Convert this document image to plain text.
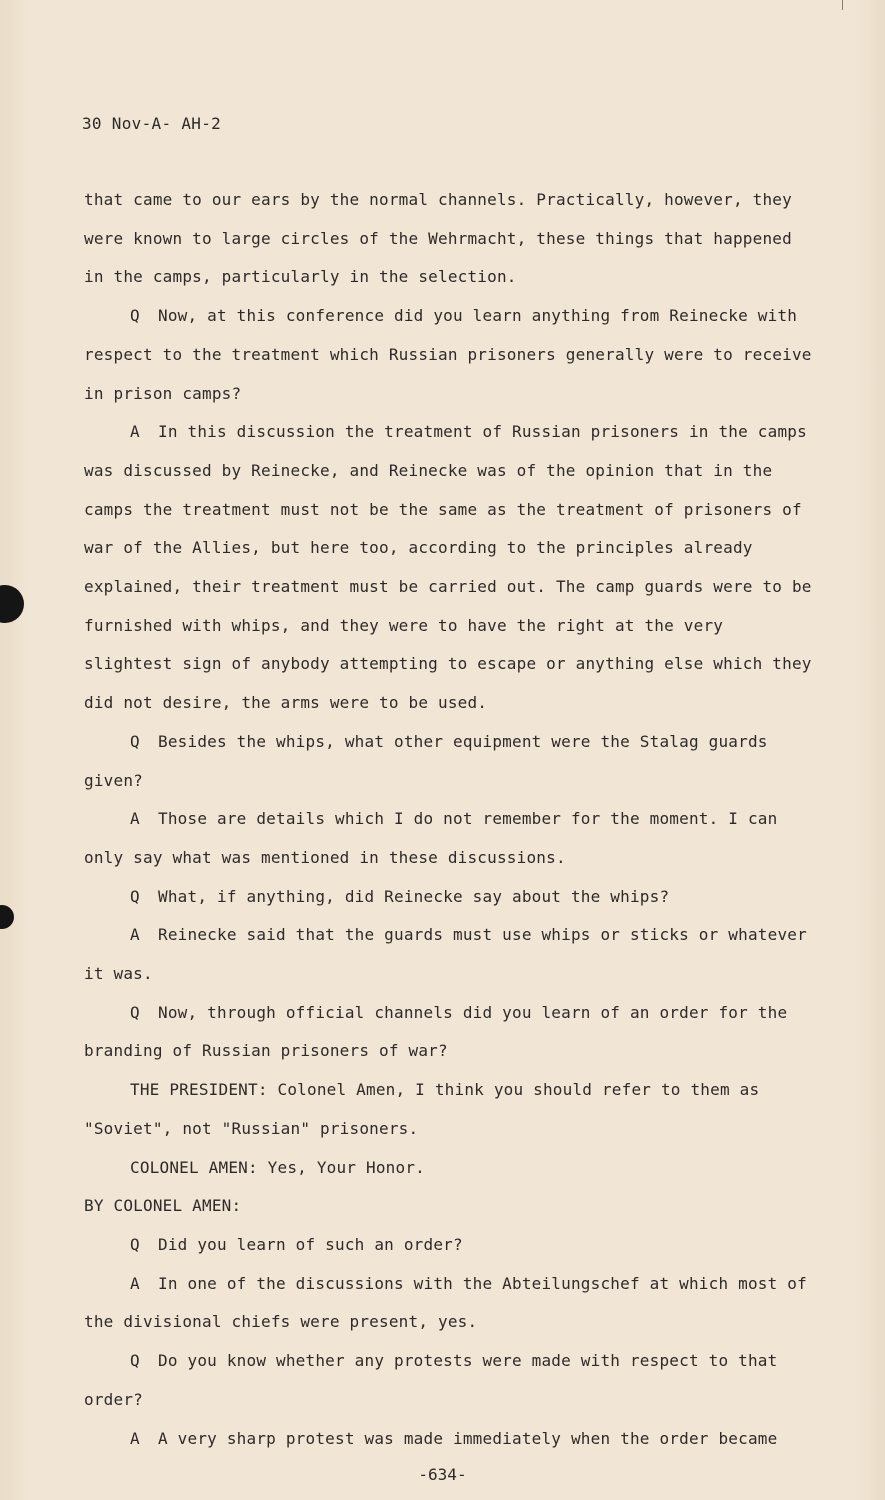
30 Nov-A- AH-2

that came to our ears by the normal channels. Practically, however, they were known to large circles of the Wehrmacht, these things that happened in the camps, particularly in the selection.

Q Now, at this conference did you learn anything from Reinecke with respect to the treatment which Russian prisoners generally were to receive in prison camps?

A In this discussion the treatment of Russian prisoners in the camps was discussed by Reinecke, and Reinecke was of the opinion that in the camps the treatment must not be the same as the treatment of prisoners of war of the Allies, but here too, according to the principles already explained, their treatment must be carried out. The camp guards were to be furnished with whips, and they were to have the right at the very slightest sign of anybody attempting to escape or anything else which they did not desire, the arms were to be used.

Q Besides the whips, what other equipment were the Stalag guards given?

A Those are details which I do not remember for the moment. I can only say what was mentioned in these discussions.

Q What, if anything, did Reinecke say about the whips?

A Reinecke said that the guards must use whips or sticks or whatever it was.

Q Now, through official channels did you learn of an order for the branding of Russian prisoners of war?

THE PRESIDENT: Colonel Amen, I think you should refer to them as "Soviet", not "Russian" prisoners.

COLONEL AMEN: Yes, Your Honor.

BY COLONEL AMEN:

Q Did you learn of such an order?

A In one of the discussions with the Abteilungschef at which most of the divisional chiefs were present, yes.

Q Do you know whether any protests were made with respect to that order?

A A very sharp protest was made immediately when the order became

-634-
